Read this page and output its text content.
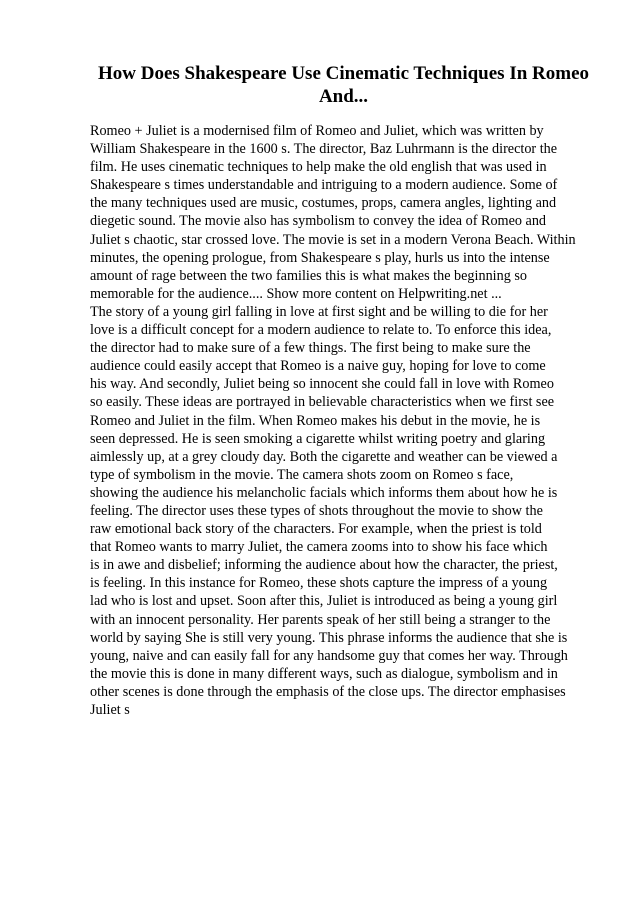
How Does Shakespeare Use Cinematic Techniques In Romeo
And...
Romeo + Juliet is a modernised film of Romeo and Juliet, which was written by
William Shakespeare in the 1600 s. The director, Baz Luhrmann is the director the
film. He uses cinematic techniques to help make the old english that was used in
Shakespeare s times understandable and intriguing to a modern audience. Some of
the many techniques used are music, costumes, props, camera angles, lighting and
diegetic sound. The movie also has symbolism to convey the idea of Romeo and
Juliet s chaotic, star crossed love. The movie is set in a modern Verona Beach. Within
minutes, the opening prologue, from Shakespeare s play, hurls us into the intense
amount of rage between the two families this is what makes the beginning so
memorable for the audience.... Show more content on Helpwriting.net ...
The story of a young girl falling in love at first sight and be willing to die for her
love is a difficult concept for a modern audience to relate to. To enforce this idea,
the director had to make sure of a few things. The first being to make sure the
audience could easily accept that Romeo is a naive guy, hoping for love to come
his way. And secondly, Juliet being so innocent she could fall in love with Romeo
so easily. These ideas are portrayed in believable characteristics when we first see
Romeo and Juliet in the film. When Romeo makes his debut in the movie, he is
seen depressed. He is seen smoking a cigarette whilst writing poetry and glaring
aimlessly up, at a grey cloudy day. Both the cigarette and weather can be viewed a
type of symbolism in the movie. The camera shots zoom on Romeo s face,
showing the audience his melancholic facials which informs them about how he is
feeling. The director uses these types of shots throughout the movie to show the
raw emotional back story of the characters. For example, when the priest is told
that Romeo wants to marry Juliet, the camera zooms into to show his face which
is in awe and disbelief; informing the audience about how the character, the priest,
is feeling. In this instance for Romeo, these shots capture the impress of a young
lad who is lost and upset. Soon after this, Juliet is introduced as being a young girl
with an innocent personality. Her parents speak of her still being a stranger to the
world by saying She is still very young. This phrase informs the audience that she is
young, naive and can easily fall for any handsome guy that comes her way. Through
the movie this is done in many different ways, such as dialogue, symbolism and in
other scenes is done through the emphasis of the close ups. The director emphasises
Juliet s
